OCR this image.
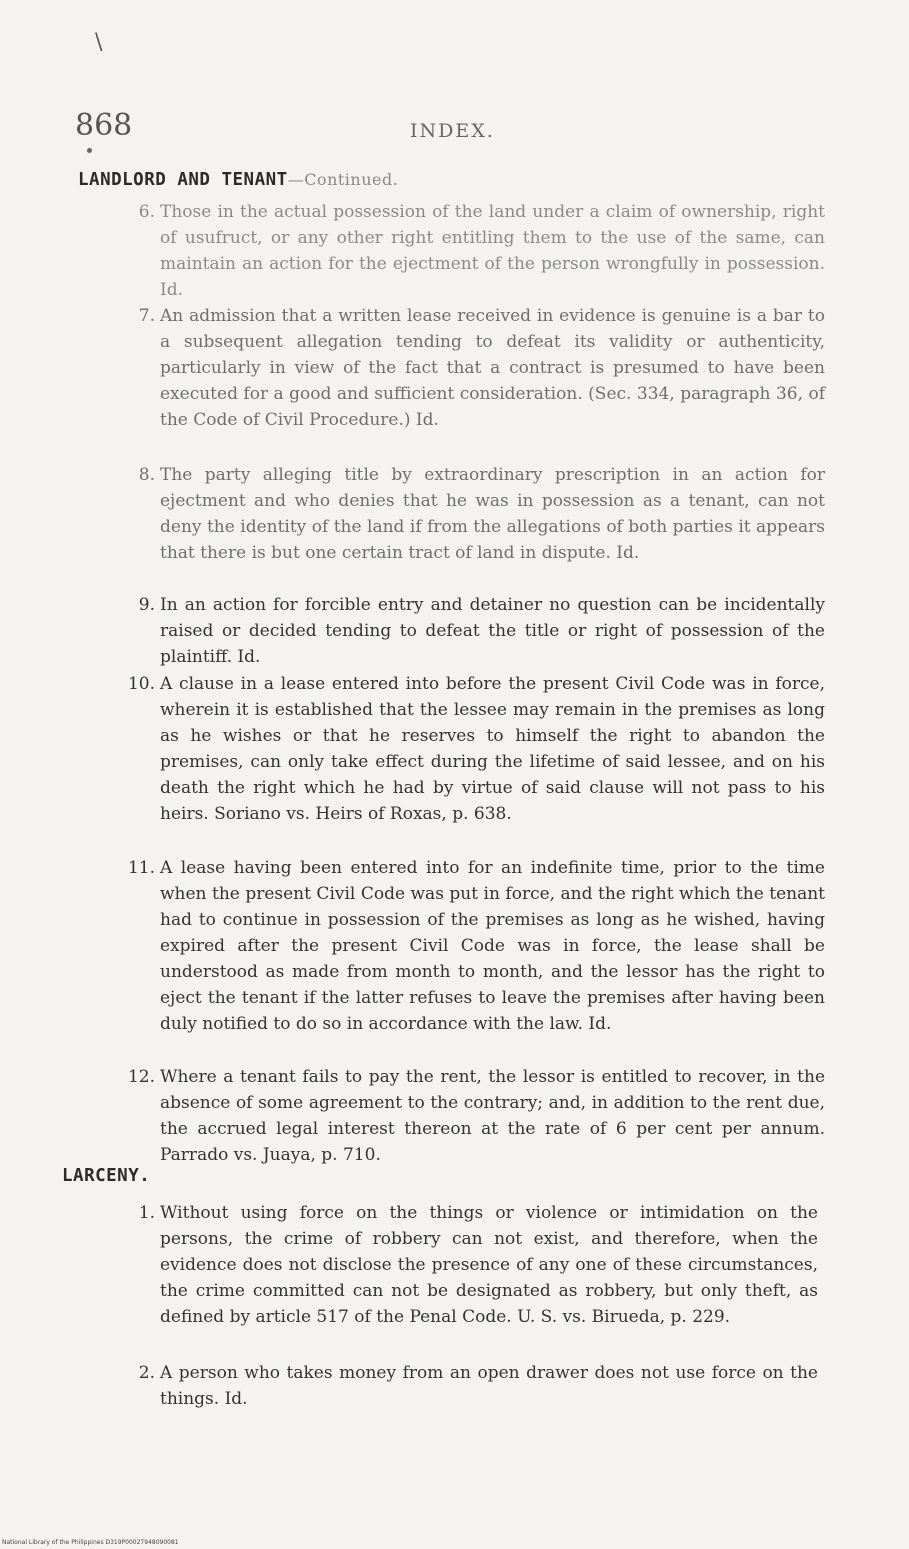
\
868	INDEX.
LANDLORD AND TENANT—Continued.
6. Those in the actual possession of the land under a claim of ownership, right of usufruct, or any other right entitling them to the use of the same, can maintain an action for the ejectment of the person wrongfully in possession. Id.
7. An admission that a written lease received in evidence is genuine is a bar to a subsequent allegation tending to defeat its validity or authenticity, particularly in view of the fact that a contract is presumed to have been executed for a good and sufficient consideration. (Sec. 334, paragraph 36, of the Code of Civil Procedure.) Id.
8. The party alleging title by extraordinary prescription in an action for ejectment and who denies that he was in possession as a tenant, can not deny the identity of the land if from the allegations of both parties it appears that there is but one certain tract of land in dispute. Id.
9. In an action for forcible entry and detainer no question can be incidentally raised or decided tending to defeat the title or right of possession of the plaintiff. Id.
10. A clause in a lease entered into before the present Civil Code was in force, wherein it is established that the lessee may remain in the premises as long as he wishes or that he reserves to himself the right to abandon the premises, can only take effect during the lifetime of said lessee, and on his death the right which he had by virtue of said clause will not pass to his heirs. Soriano vs. Heirs of Roxas, p. 638.
11. A lease having been entered into for an indefinite time, prior to the time when the present Civil Code was put in force, and the right which the tenant had to continue in possession of the premises as long as he wished, having expired after the present Civil Code was in force, the lease shall be understood as made from month to month, and the lessor has the right to eject the tenant if the latter refuses to leave the premises after having been duly notified to do so in accordance with the law. Id.
12. Where a tenant fails to pay the rent, the lessor is entitled to recover, in the absence of some agreement to the contrary; and, in addition to the rent due, the accrued legal interest thereon at the rate of 6 per cent per annum. Parrado vs. Juaya, p. 710.
LARCENY.
1. Without using force on the things or violence or intimidation on the persons, the crime of robbery can not exist, and therefore, when the evidence does not disclose the presence of any one of these circumstances, the crime committed can not be designated as robbery, but only theft, as defined by article 517 of the Penal Code. U. S. vs. Birueda, p. 229.
2. A person who takes money from an open drawer does not use force on the things. Id.
National Library of the Philippines D319P00027948090081
